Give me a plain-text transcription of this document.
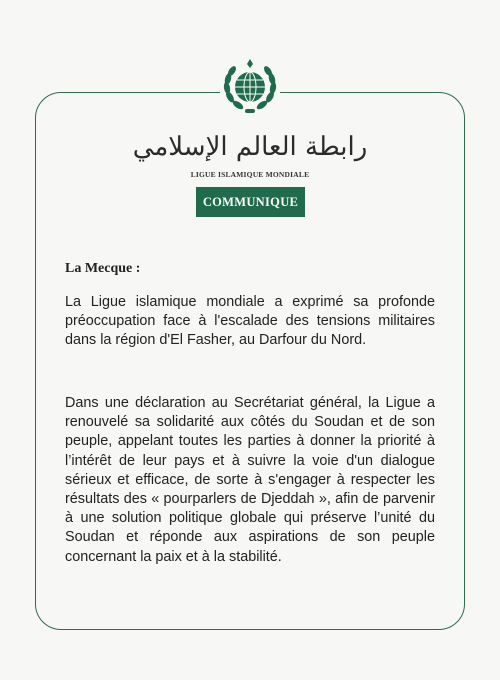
رابطة العالم الإسلامي
LIGUE ISLAMIQUE MONDIALE
COMMUNIQUE
La Mecque :

La Ligue islamique mondiale a exprimé sa profonde préoccupation face à l'escalade des tensions militaires dans la région d'El Fasher, au Darfour du Nord.

Dans une déclaration au Secrétariat général, la Ligue a renouvelé sa solidarité aux côtés du Soudan et de son peuple, appelant toutes les parties à donner la priorité à l’intérêt de leur pays et à suivre la voie d'un dialogue sérieux et efficace, de sorte à s'engager à respecter les résultats des « pourparlers de Djeddah », afin de parvenir à une solution politique globale qui préserve l’unité du Soudan et réponde aux aspirations de son peuple concernant la paix et à la stabilité.
